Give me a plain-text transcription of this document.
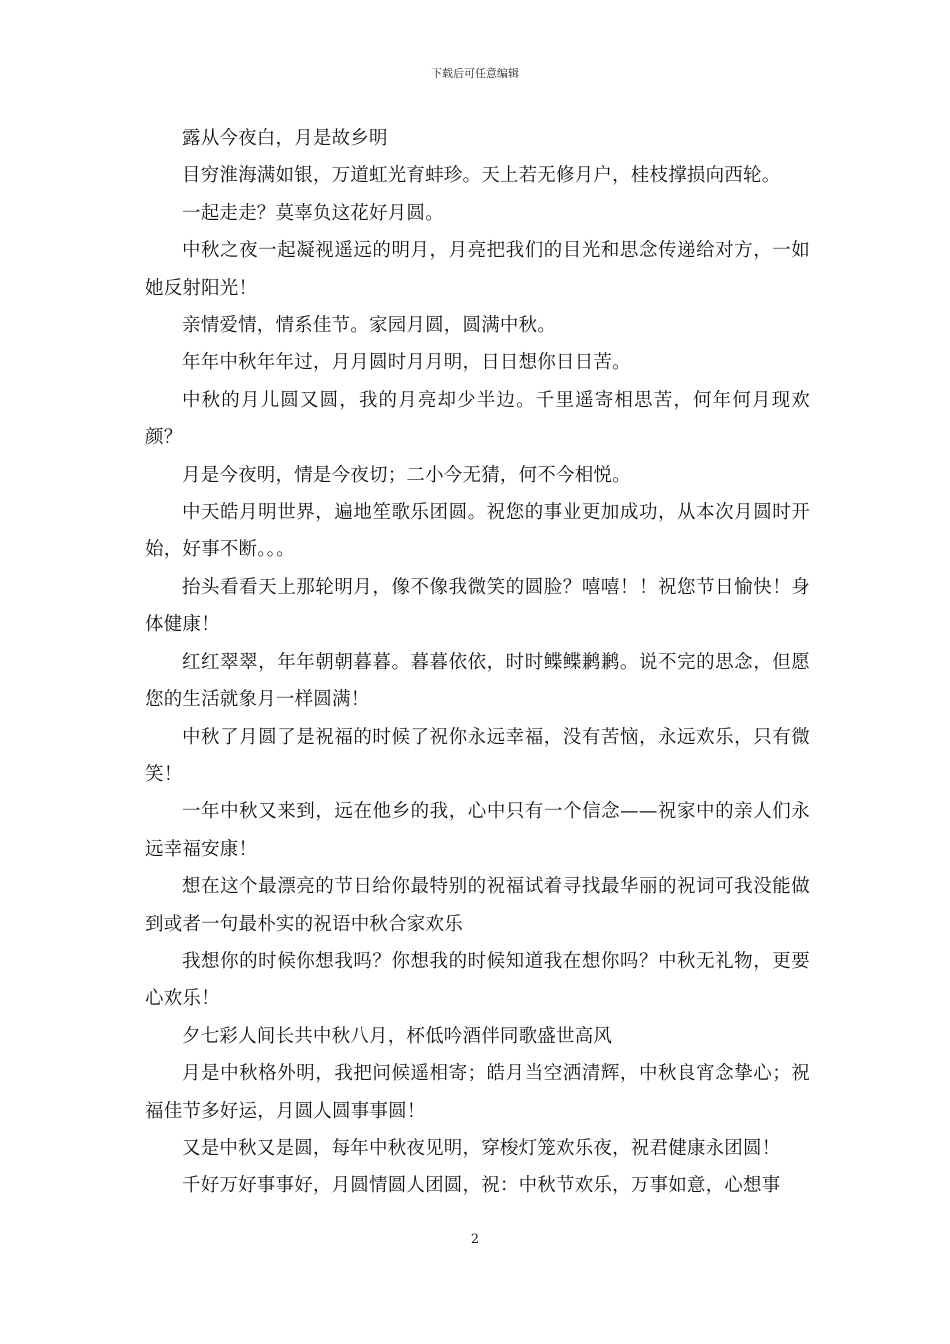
下载后可任意编辑

露从今夜白，月是故乡明

目穷淮海满如银，万道虹光育蚌珍。天上若无修月户，桂枝撑损向西轮。

一起走走？莫辜负这花好月圆。

中秋之夜一起凝视遥远的明月，月亮把我们的目光和思念传递给对方，一如她反射阳光！

亲情爱情，情系佳节。家园月圆，圆满中秋。

年年中秋年年过，月月圆时月月明，日日想你日日苦。

中秋的月儿圆又圆，我的月亮却少半边。千里遥寄相思苦，何年何月现欢颜？

月是今夜明，情是今夜切；二小今无猜，何不今相悦。

中天皓月明世界，遍地笙歌乐团圆。祝您的事业更加成功，从本次月圆时开始，好事不断。。。

抬头看看天上那轮明月，像不像我微笑的圆脸？嘻嘻！！祝您节日愉快！身体健康！

红红翠翠，年年朝朝暮暮。暮暮依依，时时鲽鲽鹣鹣。说不完的思念，但愿您的生活就象月一样圆满！

中秋了月圆了是祝福的时候了祝你永远幸福，没有苦恼，永远欢乐，只有微笑！

一年中秋又来到，远在他乡的我，心中只有一个信念——祝家中的亲人们永远幸福安康！

想在这个最漂亮的节日给你最特别的祝福试着寻找最华丽的祝词可我没能做到或者一句最朴实的祝语中秋合家欢乐

我想你的时候你想我吗？你想我的时候知道我在想你吗？中秋无礼物，更要心欢乐！

夕七彩人间长共中秋八月，杯低吟酒伴同歌盛世高风

月是中秋格外明，我把问候遥相寄；皓月当空洒清辉，中秋良宵念挚心；祝福佳节多好运，月圆人圆事事圆！

又是中秋又是圆，每年中秋夜见明，穿梭灯笼欢乐夜，祝君健康永团圆！

千好万好事事好，月圆情圆人团圆，祝：中秋节欢乐，万事如意，心想事

2
